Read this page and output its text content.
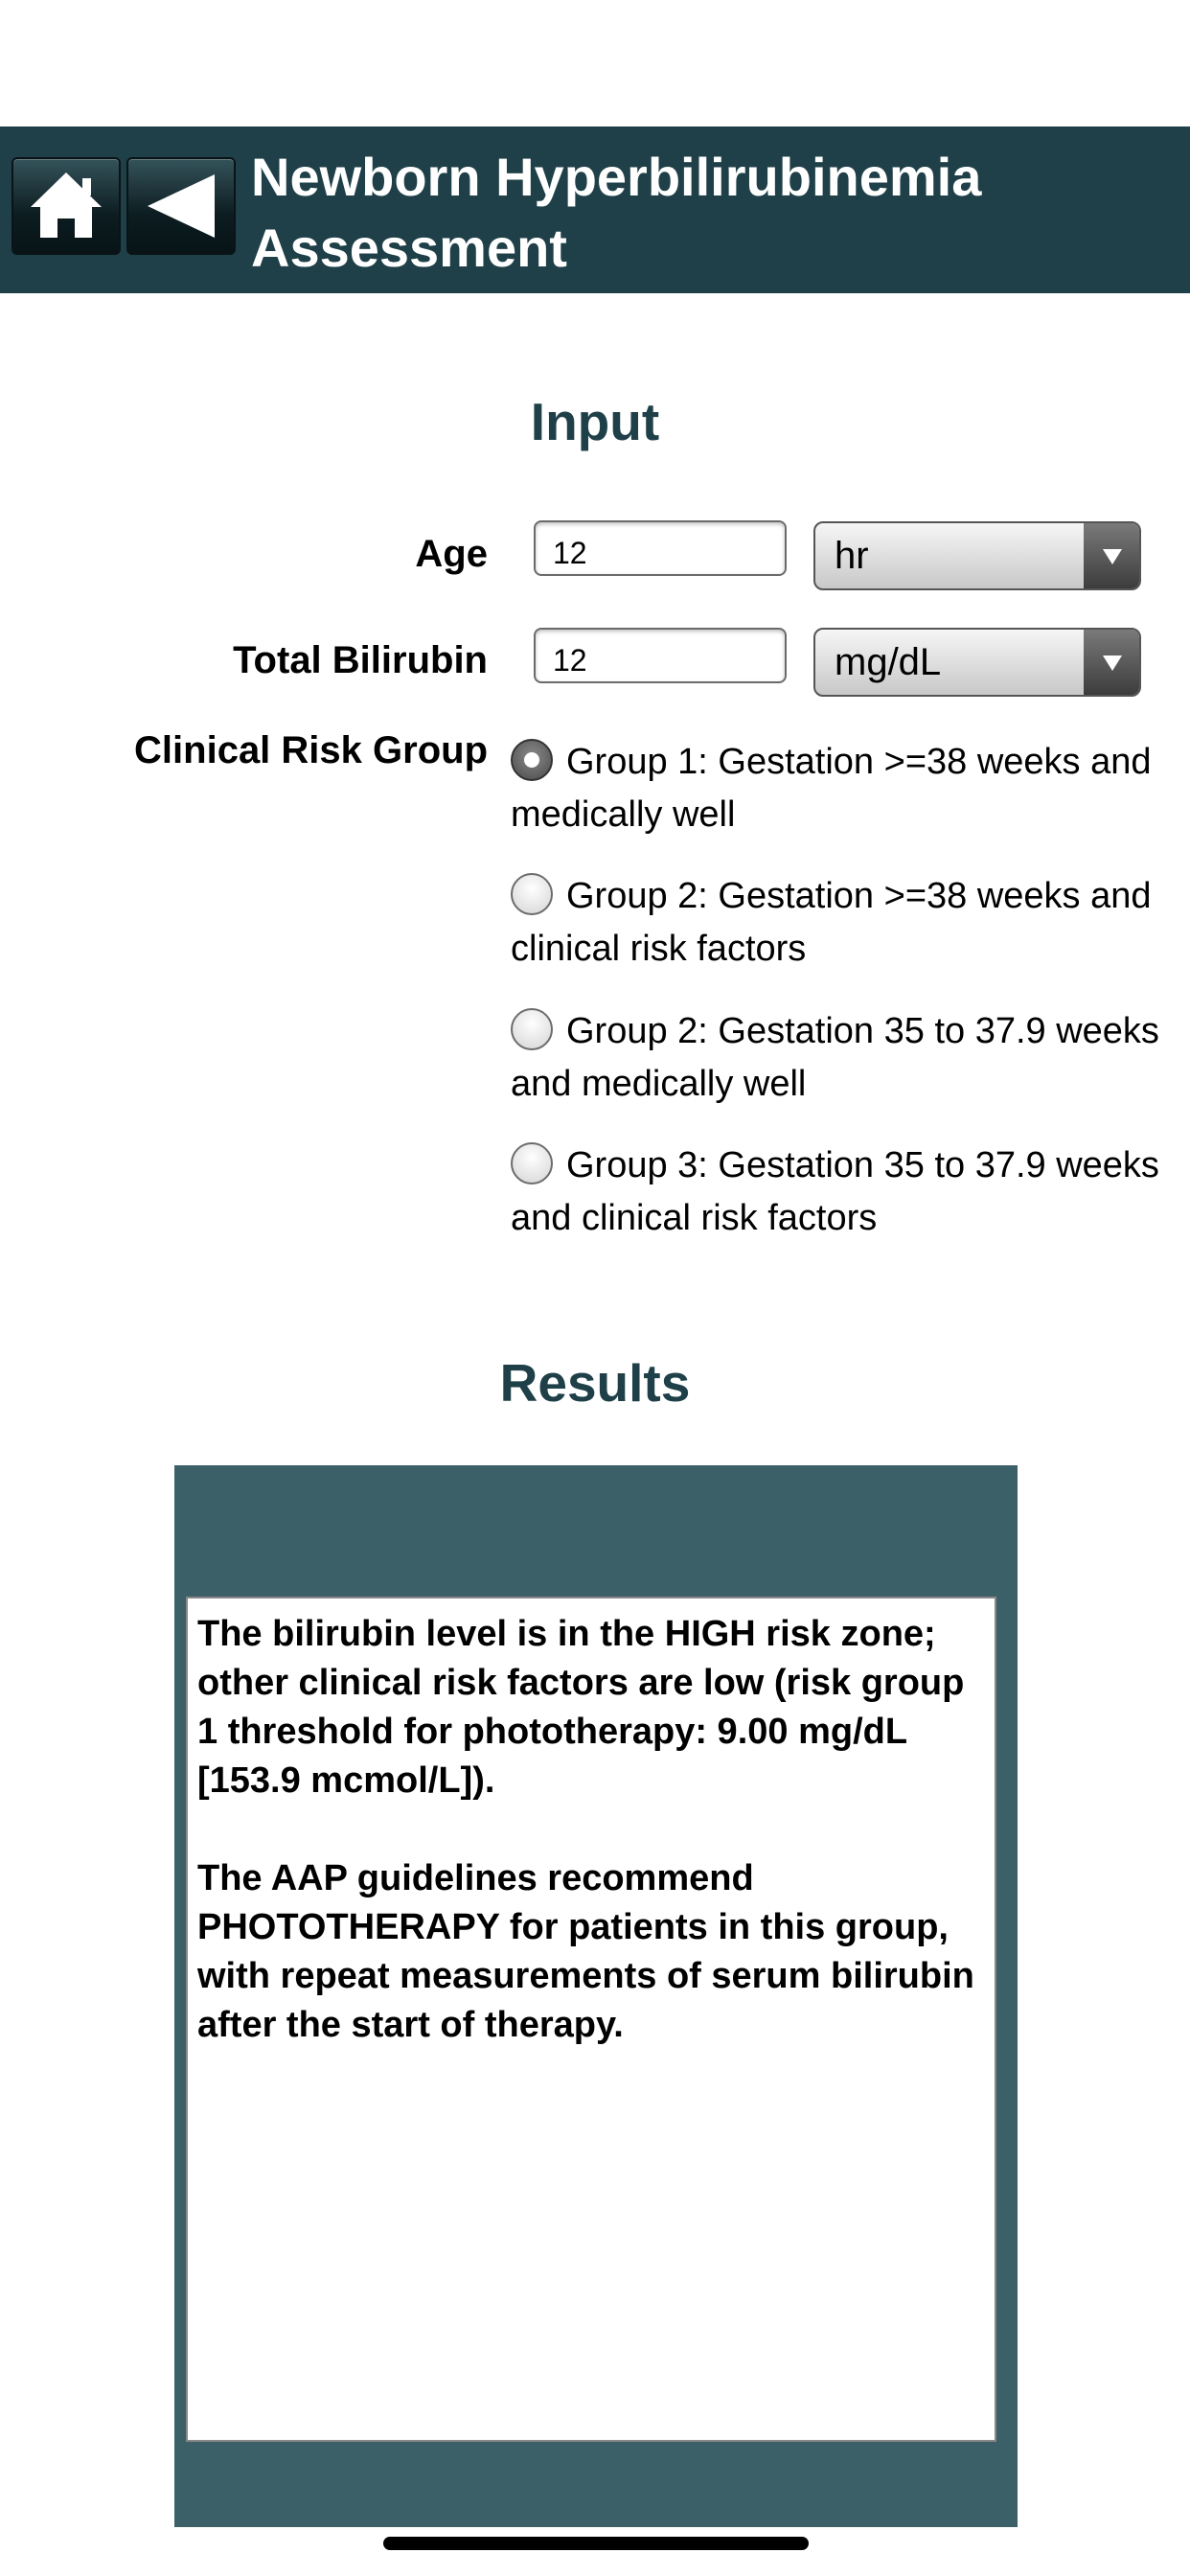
Newborn Hyperbilirubinemia Assessment
Input
Age	12	hr
Total Bilirubin	12	mg/dL
Clinical Risk Group	Group 1: Gestation >=38 weeks and medically well
Group 2: Gestation >=38 weeks and clinical risk factors
Group 2: Gestation 35 to 37.9 weeks and medically well
Group 3: Gestation 35 to 37.9 weeks and clinical risk factors
Results

The bilirubin level is in the HIGH risk zone; other clinical risk factors are low (risk group 1 threshold for phototherapy: 9.00 mg/dL [153.9 mcmol/L]).

The AAP guidelines recommend PHOTOTHERAPY for patients in this group, with repeat measurements of serum bilirubin after the start of therapy.
